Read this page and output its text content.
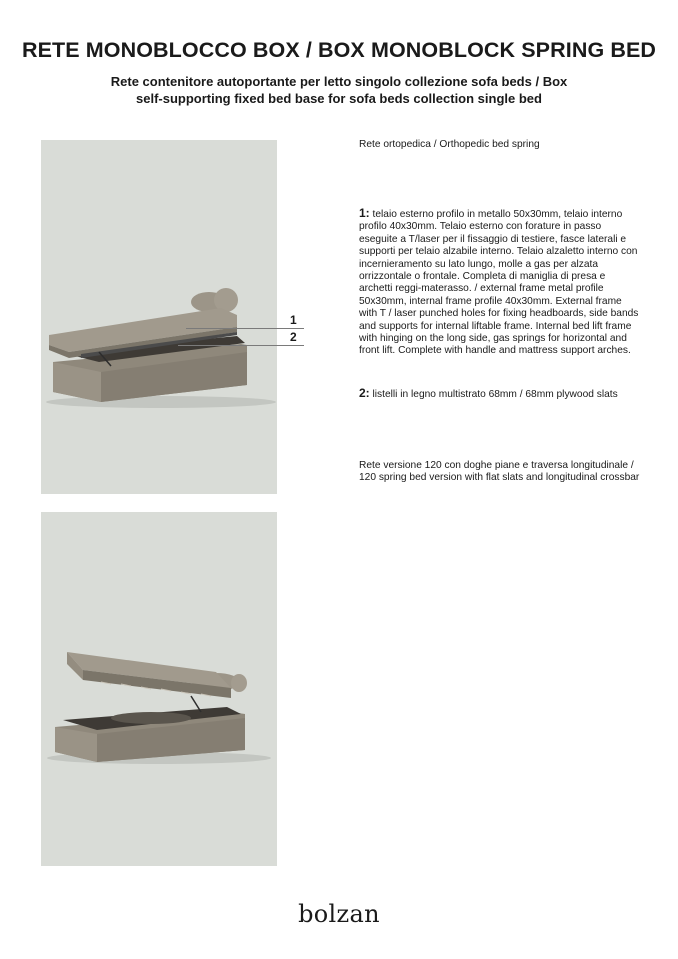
RETE MONOBLOCCO BOX / BOX MONOBLOCK SPRING BED
Rete contenitore autoportante per letto singolo collezione sofa beds / Box
self-supporting fixed bed base for sofa beds collection single bed
1
2
Rete ortopedica / Orthopedic bed spring
1: telaio esterno profilo in metallo 50x30mm, telaio interno profilo 40x30mm. Telaio esterno con forature in passo eseguite a T/laser per il fissaggio di testiere, fasce laterali e supporti per telaio alzabile interno. Telaio alzaletto interno con incernieramento su lato lungo, molle a gas per alzata orrizzontale o frontale. Completa di maniglia di presa e archetti reggi-materasso. / external frame metal profile 50x30mm, internal frame profile 40x30mm. External frame with T / laser punched holes for fixing headboards, side bands and supports for internal liftable frame. Internal bed lift frame with hinging on the long side, gas springs for horizontal and front lift. Complete with handle and mattress support arches.
2: listelli in legno multistrato 68mm / 68mm plywood slats
Rete versione 120 con doghe piane e traversa longitudinale / 120 spring bed version with flat slats and longitudinal crossbar
bolzan
